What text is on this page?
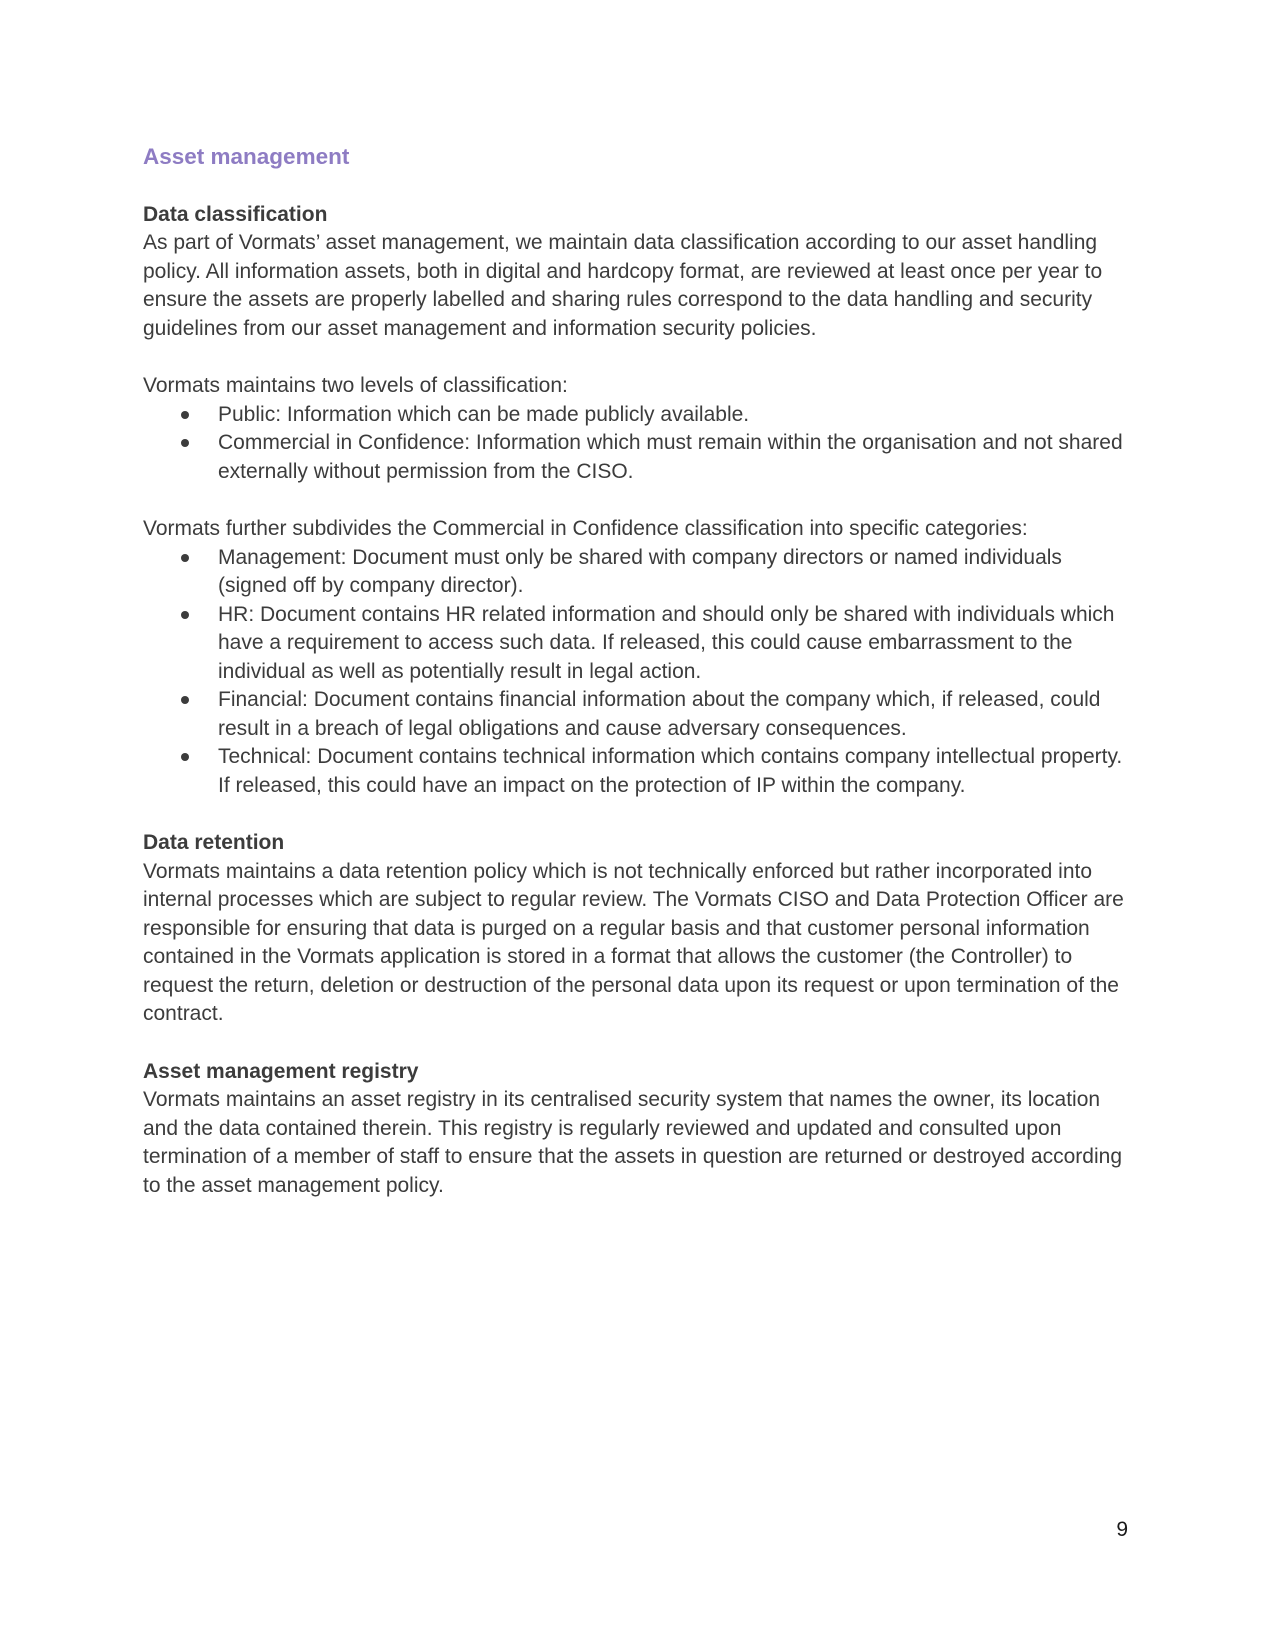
Asset management
Data classification

As part of Vormats’ asset management, we maintain data classification according to our asset handling policy. All information assets, both in digital and hardcopy format, are reviewed at least once per year to ensure the assets are properly labelled and sharing rules correspond to the data handling and security guidelines from our asset management and information security policies.

Vormats maintains two levels of classification:

Public: Information which can be made publicly available.
Commercial in Confidence: Information which must remain within the organisation and not shared externally without permission from the CISO.

Vormats further subdivides the Commercial in Confidence classification into specific categories:

Management: Document must only be shared with company directors or named individuals (signed off by company director).
HR: Document contains HR related information and should only be shared with individuals which have a requirement to access such data. If released, this could cause embarrassment to the individual as well as potentially result in legal action.
Financial: Document contains financial information about the company which, if released, could result in a breach of legal obligations and cause adversary consequences.
Technical: Document contains technical information which contains company intellectual property. If released, this could have an impact on the protection of IP within the company.
Data retention

Vormats maintains a data retention policy which is not technically enforced but rather incorporated into internal processes which are subject to regular review. The Vormats CISO and Data Protection Officer are responsible for ensuring that data is purged on a regular basis and that customer personal information contained in the Vormats application is stored in a format that allows the customer (the Controller) to request the return, deletion or destruction of the personal data upon its request or upon termination of the contract.

Asset management registry

Vormats maintains an asset registry in its centralised security system that names the owner, its location and the data contained therein. This registry is regularly reviewed and updated and consulted upon termination of a member of staff to ensure that the assets in question are returned or destroyed according to the asset management policy.

9
